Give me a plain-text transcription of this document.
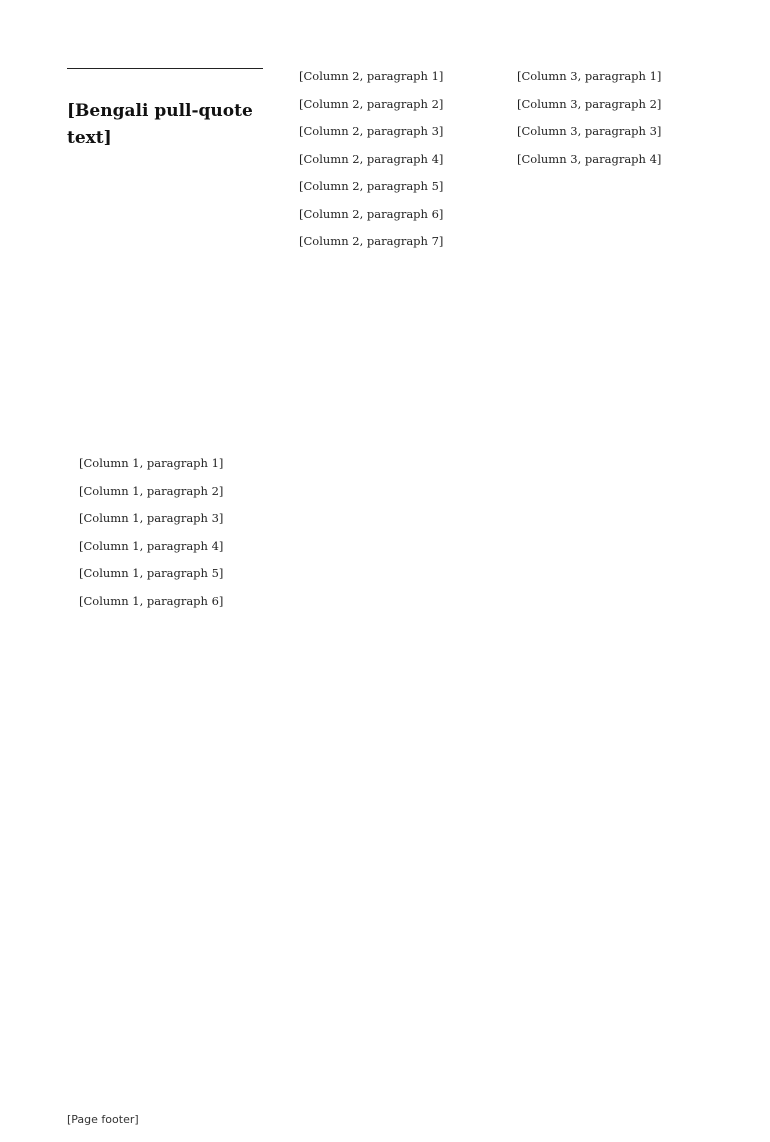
[Bengali pull-quote text]

[Column 1, paragraph 1]

[Column 1, paragraph 2]

[Column 1, paragraph 3]

[Column 1, paragraph 4]

[Column 1, paragraph 5]

[Column 1, paragraph 6]

[Column 2, paragraph 1]

[Column 2, paragraph 2]

[Column 2, paragraph 3]

[Column 2, paragraph 4]

[Column 2, paragraph 5]

[Column 2, paragraph 6]

[Column 2, paragraph 7]

[Column 3, paragraph 1]

[Column 3, paragraph 2]

[Column 3, paragraph 3]

[Column 3, paragraph 4]

[Page footer]
